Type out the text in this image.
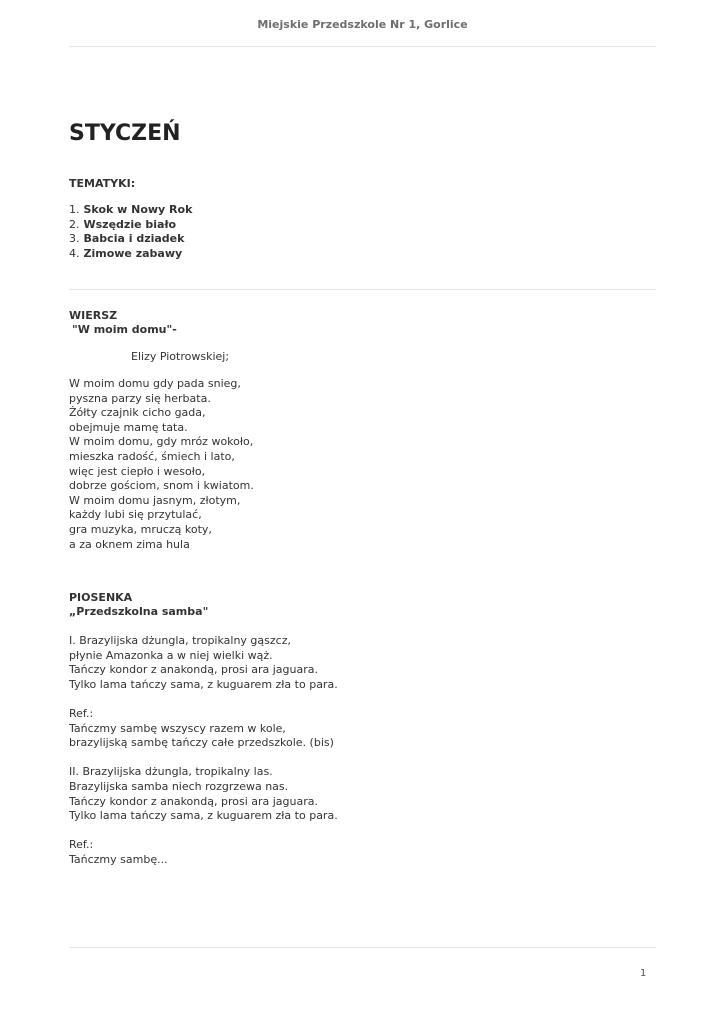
Miejskie Przedszkole Nr 1, Gorlice
STYCZEŃ
TEMATYKI:
1. Skok w Nowy Rok
2. Wszędzie biało
3. Babcia i dziadek
4. Zimowe zabawy
WIERSZ
"W moim domu"-
Elizy Piotrowskiej;
W moim domu gdy pada snieg,
pyszna parzy się herbata.
Żółty czajnik cicho gada,
obejmuje mamę tata.
W moim domu, gdy mróz wokoło,
mieszka radość, śmiech i lato,
więc jest ciepło i wesoło,
dobrze gościom, snom i kwiatom.
W moim domu jasnym, złotym,
każdy lubi się przytulać,
gra muzyka, mruczą koty,
a za oknem zima hula
PIOSENKA
„Przedszkolna samba"
I. Brazylijska dżungla, tropikalny gąszcz,
płynie Amazonka a w niej wielki wąż.
Tańczy kondor z anakondą, prosi ara jaguara.
Tylko lama tańczy sama, z kuguarem zła to para.
Ref.:
Tańczmy sambę wszyscy razem w kole,
brazylijską sambę tańczy całe przedszkole. (bis)
II. Brazylijska dżungla, tropikalny las.
Brazylijska samba niech rozgrzewa nas.
Tańczy kondor z anakondą, prosi ara jaguara.
Tylko lama tańczy sama, z kuguarem zła to para.
Ref.:
Tańczmy sambę...
1
